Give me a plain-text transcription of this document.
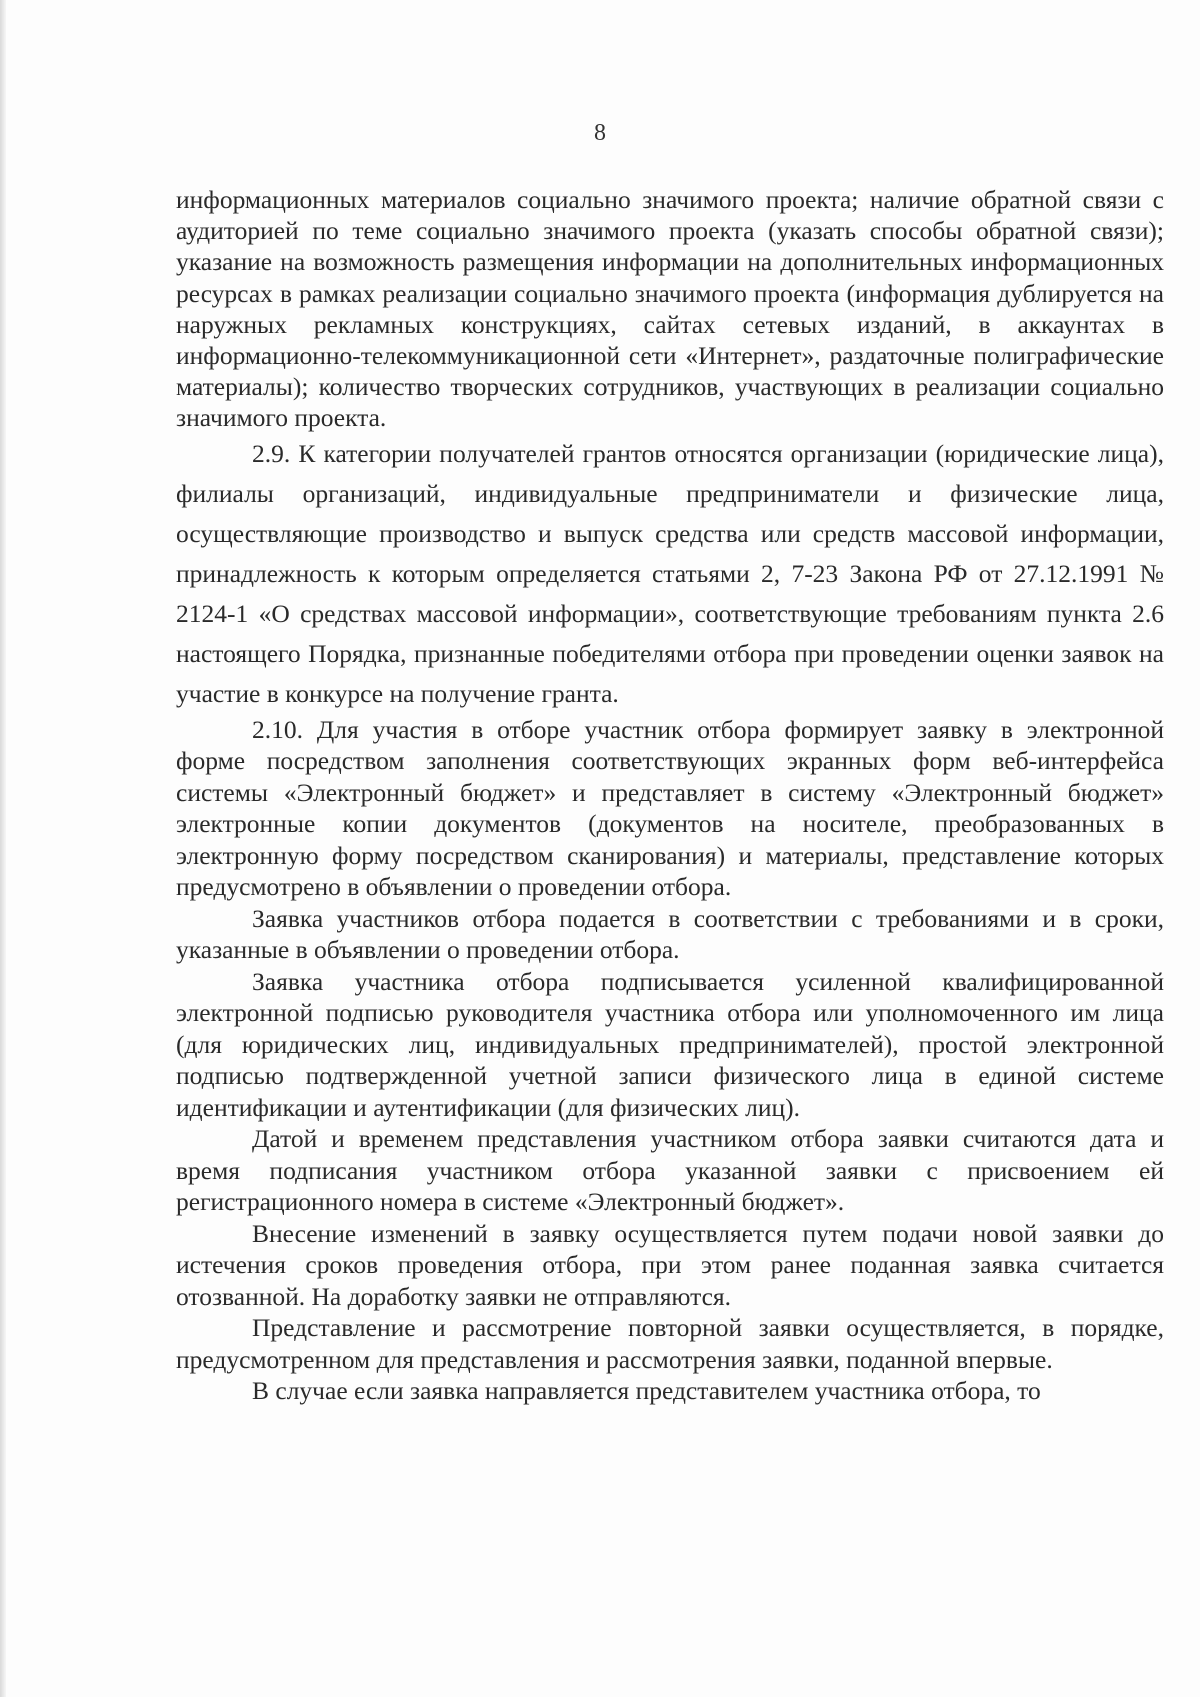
8

информационных материалов социально значимого проекта; наличие обратной связи с аудиторией по теме социально значимого проекта (указать способы обратной связи); указание на возможность размещения информации на дополнительных информационных ресурсах в рамках реализации социально значимого проекта (информация дублируется на наружных рекламных конструкциях, сайтах сетевых изданий, в аккаунтах в информационно-телекоммуникационной сети «Интернет», раздаточные полиграфические материалы); количество творческих сотрудников, участвующих в реализации социально значимого проекта.

2.9. К категории получателей грантов относятся организации (юридические лица), филиалы организаций, индивидуальные предприниматели и физические лица, осуществляющие производство и выпуск средства или средств массовой информации, принадлежность к которым определяется статьями 2, 7-23 Закона РФ от 27.12.1991 № 2124-1 «О средствах массовой информации», соответствующие требованиям пункта 2.6 настоящего Порядка, признанные победителями отбора при проведении оценки заявок на участие в конкурсе на получение гранта.

2.10. Для участия в отборе участник отбора формирует заявку в электронной форме посредством заполнения соответствующих экранных форм веб-интерфейса системы «Электронный бюджет» и представляет в систему «Электронный бюджет» электронные копии документов (документов на носителе, преобразованных в электронную форму посредством сканирования) и материалы, представление которых предусмотрено в объявлении о проведении отбора.

Заявка участников отбора подается в соответствии с требованиями и в сроки, указанные в объявлении о проведении отбора.

Заявка участника отбора подписывается усиленной квалифицированной электронной подписью руководителя участника отбора или уполномоченного им лица (для юридических лиц, индивидуальных предпринимателей), простой электронной подписью подтвержденной учетной записи физического лица в единой системе идентификации и аутентификации (для физических лиц).

Датой и временем представления участником отбора заявки считаются дата и время подписания участником отбора указанной заявки с присвоением ей регистрационного номера в системе «Электронный бюджет».

Внесение изменений в заявку осуществляется путем подачи новой заявки до истечения сроков проведения отбора, при этом ранее поданная заявка считается отозванной. На доработку заявки не отправляются.

Представление и рассмотрение повторной заявки осуществляется, в порядке, предусмотренном для представления и рассмотрения заявки, поданной впервые.

В случае если заявка направляется представителем участника отбора, то
